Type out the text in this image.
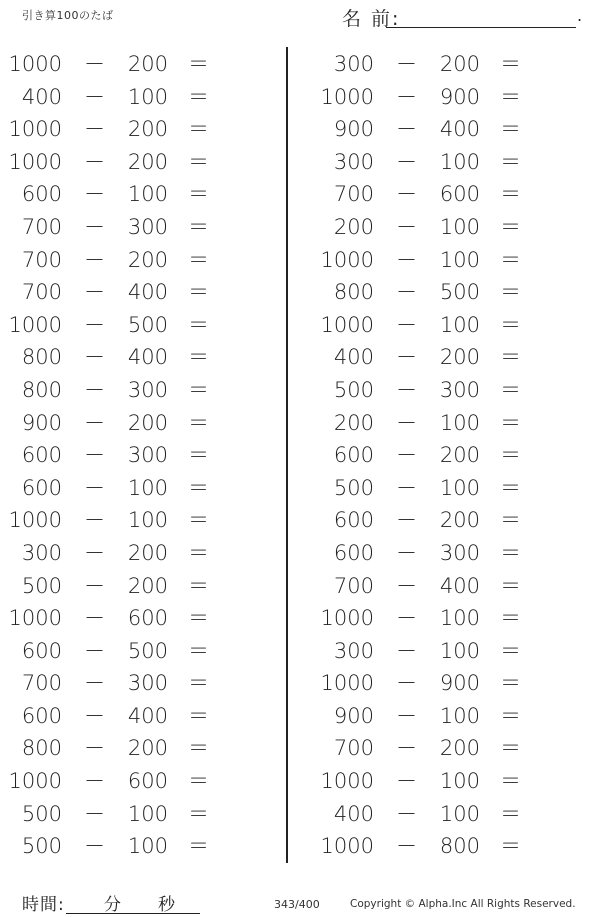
引き算100のたば	名 前:	.
1000 － 200 ＝
400 － 100 ＝
1000 － 200 ＝
1000 － 200 ＝
600 － 100 ＝
700 － 300 ＝
700 － 200 ＝
700 － 400 ＝
1000 － 500 ＝
800 － 400 ＝
800 － 300 ＝
900 － 200 ＝
600 － 300 ＝
600 － 100 ＝
1000 － 100 ＝
300 － 200 ＝
500 － 200 ＝
1000 － 600 ＝
600 － 500 ＝
700 － 300 ＝
600 － 400 ＝
800 － 200 ＝
1000 － 600 ＝
500 － 100 ＝
500 － 100 ＝
300 － 200 ＝
1000 － 900 ＝
900 － 400 ＝
300 － 100 ＝
700 － 600 ＝
200 － 100 ＝
1000 － 100 ＝
800 － 500 ＝
1000 － 100 ＝
400 － 200 ＝
500 － 300 ＝
200 － 100 ＝
600 － 200 ＝
500 － 100 ＝
600 － 200 ＝
600 － 300 ＝
700 － 400 ＝
1000 － 100 ＝
300 － 100 ＝
1000 － 900 ＝
900 － 100 ＝
700 － 200 ＝
1000 － 100 ＝
400 － 100 ＝
1000 － 800 ＝
時間: 分 秒	343/400	Copyright © Alpha.Inc All Rights Reserved.
